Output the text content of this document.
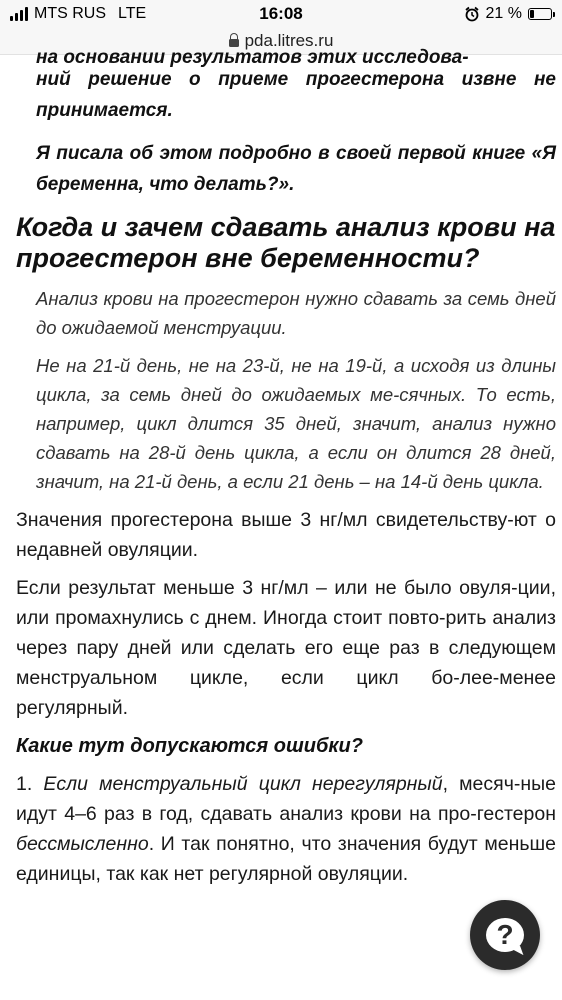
MTS RUS LTE	16:08	21 %
pda.litres.ru

на основании результатов этих исследова-

ний решение о приеме прогестерона извне не принимается.

Я писала об этом подробно в своей первой книге «Я беременна, что делать?».

Когда и зачем сдавать анализ крови на прогестерон вне беременности?

Анализ крови на прогестерон нужно сдавать за семь дней до ожидаемой менструации.

Не на 21-й день, не на 23-й, не на 19-й, а исходя из длины цикла, за семь дней до ожидаемых ме-сячных. То есть, например, цикл длится 35 дней, значит, анализ нужно сдавать на 28-й день цикла, а если он длится 28 дней, значит, на 21-й день, а если 21 день – на 14-й день цикла.

Значения прогестерона выше 3 нг/мл свидетельству-ют о недавней овуляции.

Если результат меньше 3 нг/мл – или не было овуля-ции, или промахнулись с днем. Иногда стоит повто-рить анализ через пару дней или сделать его еще раз в следующем менструальном цикле, если цикл бо-лее-менее регулярный.

Какие тут допускаются ошибки?

1. Если менструальный цикл нерегулярный, месяч-ные идут 4–6 раз в год, сдавать анализ крови на про-гестерон бессмысленно. И так понятно, что значения будут меньше единицы, так как нет регулярной овуляции.

?
